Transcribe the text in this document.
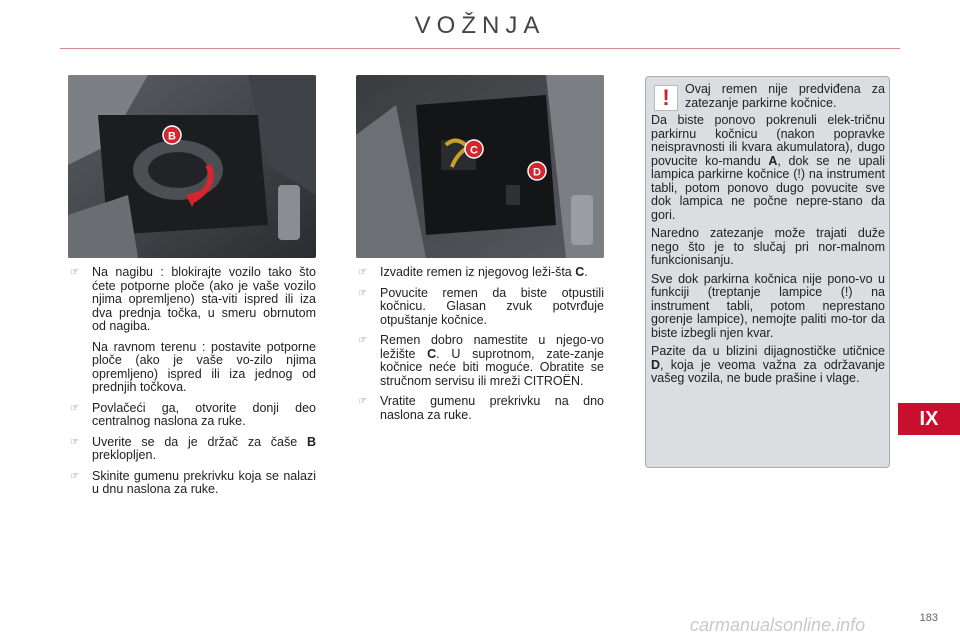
VOŽNJA
B
C
D
☞ Na nagibu : blokirajte vozilo tako što ćete potporne ploče (ako je vaše vozilo njima opremljeno) sta-viti ispred ili iza dva prednja točka, u smeru obrnutom od nagiba.
Na ravnom terenu : postavite potporne ploče (ako je vaše vo-zilo njima opremljeno) ispred ili iza jednog od prednjih točkova.
☞ Povlačeći ga, otvorite donji deo centralnog naslona za ruke.
☞ Uverite se da je držač za čaše B preklopljen.
☞ Skinite gumenu prekrivku koja se nalazi u dnu naslona za ruke.
☞ Izvadite remen iz njegovog leži-šta C.
☞ Povucite remen da biste otpustili kočnicu. Glasan zvuk potvrđuje otpuštanje kočnice.
☞ Remen dobro namestite u njego-vo ležište C. U suprotnom, zate-zanje kočnice neće biti moguće. Obratite se stručnom servisu ili mreži CITROËN.
☞ Vratite gumenu prekrivku na dno naslona za ruke.
!	Ovaj remen nije predviđena za zatezanje parkirne kočnice.

Da biste ponovo pokrenuli elek-tričnu parkirnu kočnicu (nakon popravke neispravnosti ili kvara akumulatora), dugo povucite ko-mandu A, dok se ne upali lampica parkirne kočnice (!) na instrument tabli, potom ponovo dugo povucite sve dok lampica ne počne nepre-stano da gori.

Naredno zatezanje može trajati duže nego što je to slučaj pri nor-malnom funkcionisanju.

Sve dok parkirna kočnica nije pono-vo u funkciji (treptanje lampice (!) na instrument tabli, potom neprestano gorenje lampice), nemojte paliti mo-tor da biste izbegli njen kvar.

Pazite da u blizini dijagnostičke utičnice D, koja je veoma važna za održavanje vašeg vozila, ne bude prašine i vlage.

IX
carmanualsonline.info	183
